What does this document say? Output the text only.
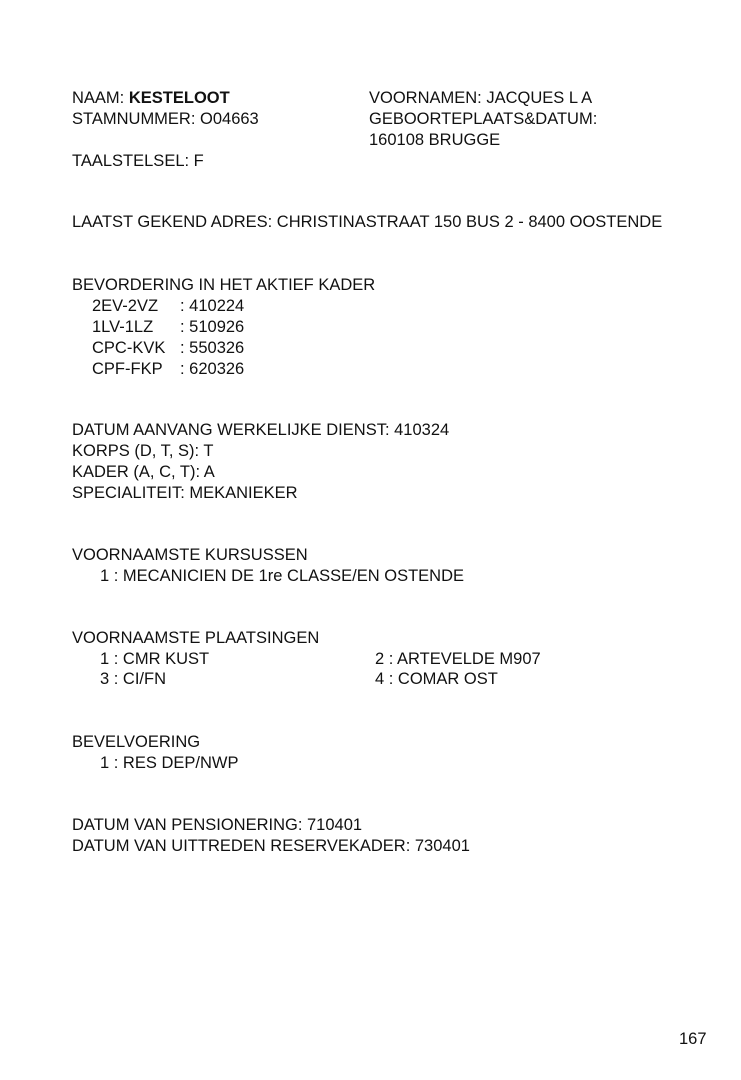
NAAM: KESTELOOT	VOORNAMEN: JACQUES L A
STAMNUMMER: O04663	GEBOORTEPLAATS&DATUM:
160108 BRUGGE
TAALSTELSEL: F
LAATST GEKEND ADRES: CHRISTINASTRAAT 150 BUS 2 - 8400 OOSTENDE
BEVORDERING IN HET AKTIEF KADER
2EV-2VZ : 410224
1LV-1LZ : 510926
CPC-KVK : 550326
CPF-FKP : 620326
DATUM AANVANG WERKELIJKE DIENST: 410324
KORPS (D, T, S): T
KADER (A, C, T): A
SPECIALITEIT: MEKANIEKER
VOORNAAMSTE KURSUSSEN
1 : MECANICIEN DE 1re CLASSE/EN OSTENDE
VOORNAAMSTE PLAATSINGEN
1 : CMR KUST	2 : ARTEVELDE M907
3 : CI/FN	4 : COMAR OST
BEVELVOERING
1 : RES DEP/NWP
DATUM VAN PENSIONERING: 710401
DATUM VAN UITTREDEN RESERVEKADER: 730401
167
